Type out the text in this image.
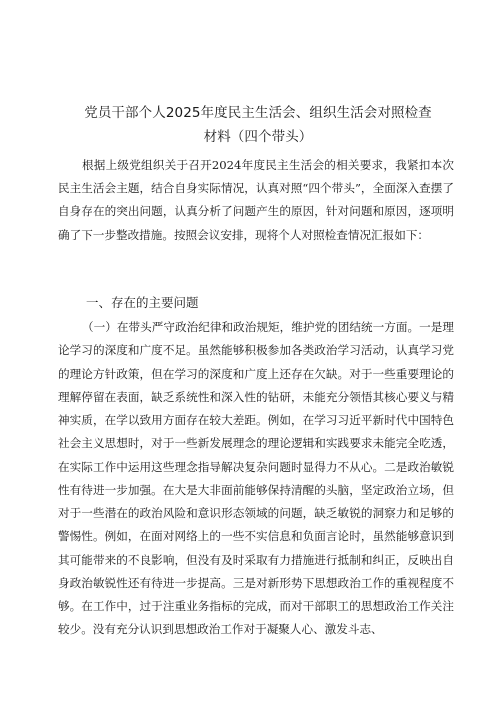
党员干部个人2025年度民主生活会、组织生活会对照检查材料（四个带头）

根据上级党组织关于召开2024年度民主生活会的相关要求，我紧扣本次民主生活会主题，结合自身实际情况，认真对照“四个带头”，全面深入查摆了自身存在的突出问题，认真分析了问题产生的原因，针对问题和原因，逐项明确了下一步整改措施。按照会议安排，现将个人对照检查情况汇报如下：

一、存在的主要问题

（一）在带头严守政治纪律和政治规矩，维护党的团结统一方面。一是理论学习的深度和广度不足。虽然能够积极参加各类政治学习活动，认真学习党的理论方针政策，但在学习的深度和广度上还存在欠缺。对于一些重要理论的理解停留在表面，缺乏系统性和深入性的钻研，未能充分领悟其核心要义与精神实质，在学以致用方面存在较大差距。例如，在学习习近平新时代中国特色社会主义思想时，对于一些新发展理念的理论逻辑和实践要求未能完全吃透，在实际工作中运用这些理念指导解决复杂问题时显得力不从心。二是政治敏锐性有待进一步加强。在大是大非面前能够保持清醒的头脑，坚定政治立场，但对于一些潜在的政治风险和意识形态领域的问题，缺乏敏锐的洞察力和足够的警惕性。例如，在面对网络上的一些不实信息和负面言论时，虽然能够意识到其可能带来的不良影响，但没有及时采取有力措施进行抵制和纠正，反映出自身政治敏锐性还有待进一步提高。三是对新形势下思想政治工作的重视程度不够。在工作中，过于注重业务指标的完成，而对干部职工的思想政治工作关注较少。没有充分认识到思想政治工作对于凝聚人心、激发斗志、
